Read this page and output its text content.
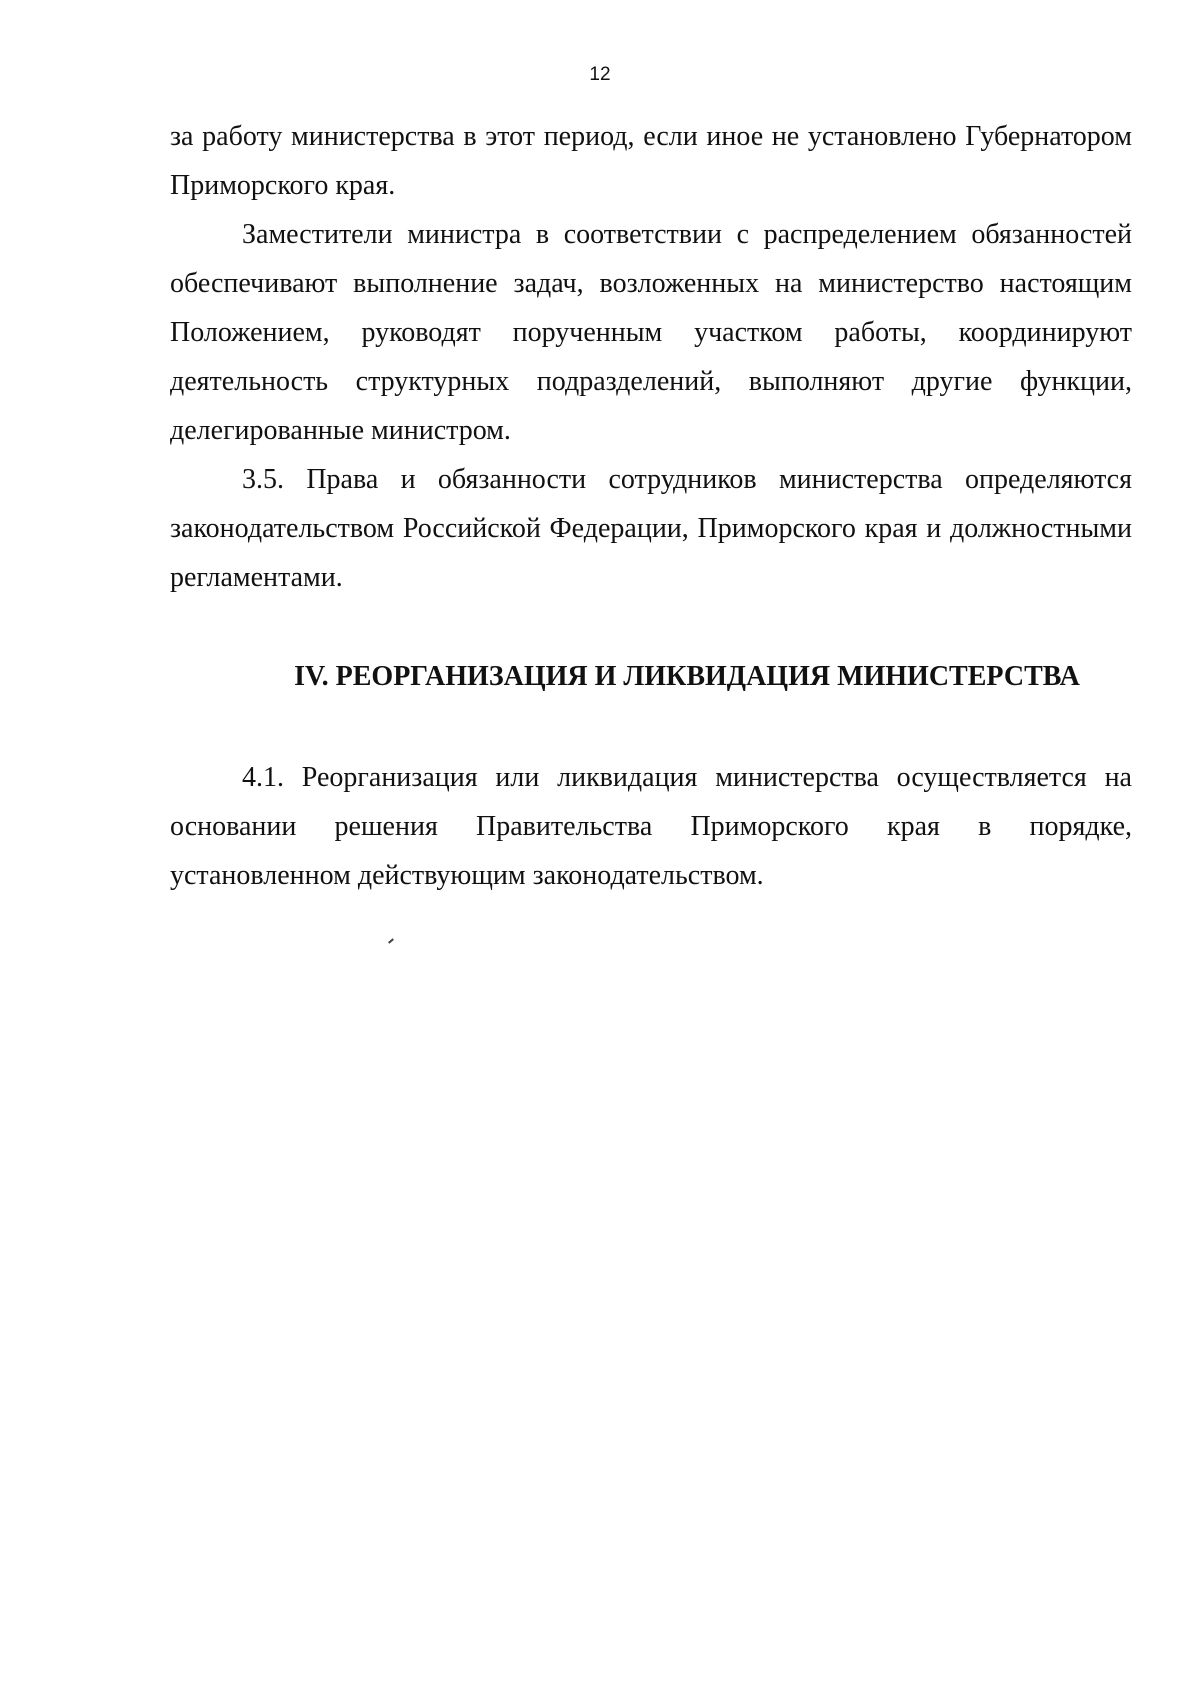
12

за работу министерства в этот период, если иное не установлено Губернатором Приморского края.

Заместители министра в соответствии с распределением обязанностей обеспечивают выполнение задач, возложенных на министерство настоящим Положением, руководят порученным участком работы, координируют деятельность структурных подразделений, выполняют другие функции, делегированные министром.

3.5. Права и обязанности сотрудников министерства определяются законодательством Российской Федерации, Приморского края и должностными регламентами.

IV. РЕОРГАНИЗАЦИЯ И ЛИКВИДАЦИЯ МИНИСТЕРСТВА

4.1. Реорганизация или ликвидация министерства осуществляется на основании решения Правительства Приморского края в порядке, установленном действующим законодательством.
